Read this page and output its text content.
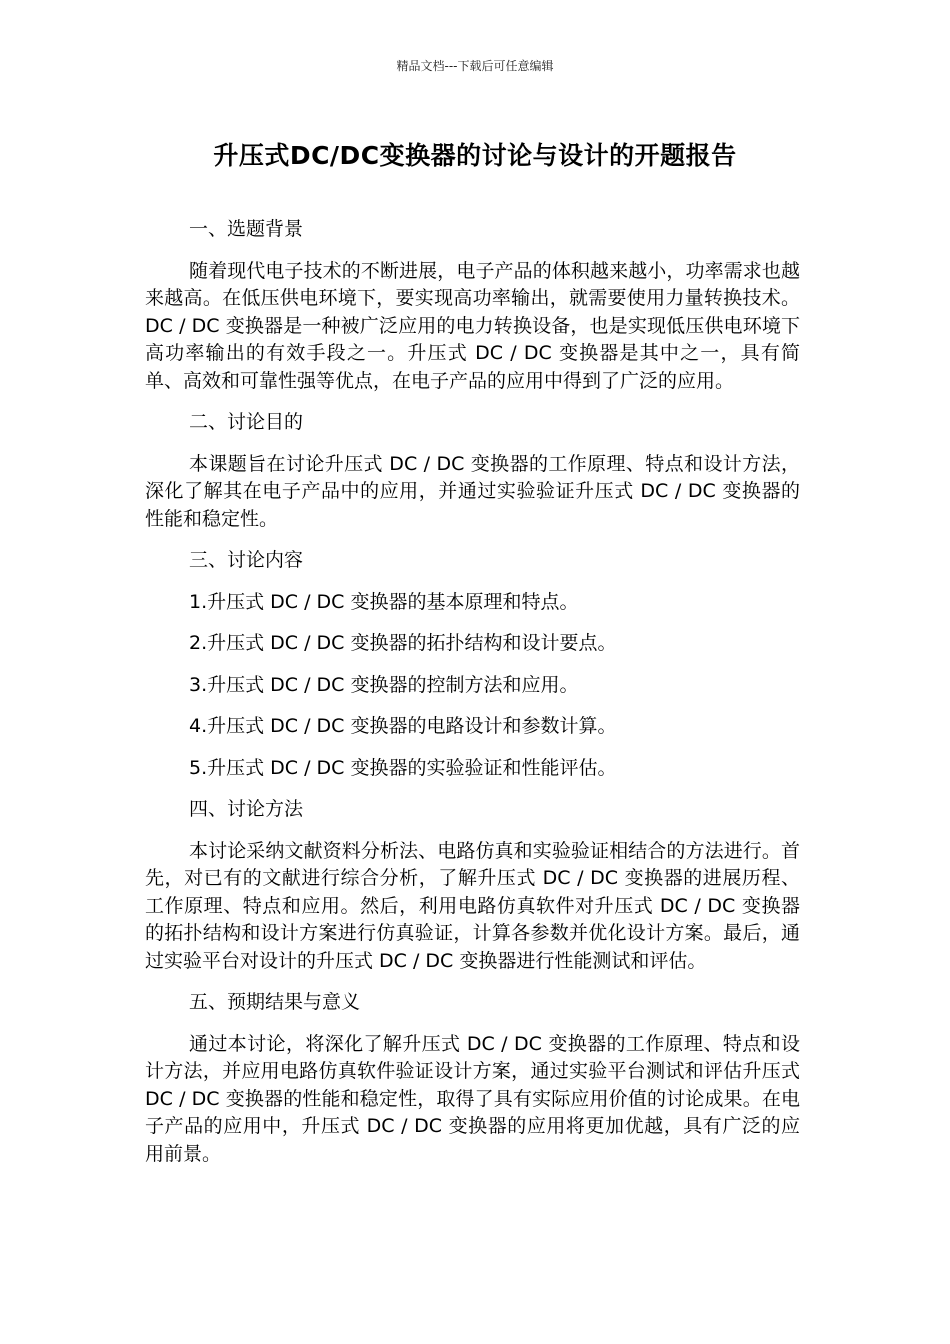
精品文档---下载后可任意编辑
升压式DC/DC变换器的讨论与设计的开题报告

一、选题背景

随着现代电子技术的不断进展，电子产品的体积越来越小，功率需求也越来越高。在低压供电环境下，要实现高功率输出，就需要使用力量转换技术。DC / DC 变换器是一种被广泛应用的电力转换设备，也是实现低压供电环境下高功率输出的有效手段之一。升压式 DC / DC 变换器是其中之一，具有简单、高效和可靠性强等优点，在电子产品的应用中得到了广泛的应用。

二、讨论目的

本课题旨在讨论升压式 DC / DC 变换器的工作原理、特点和设计方法，深化了解其在电子产品中的应用，并通过实验验证升压式 DC / DC 变换器的性能和稳定性。

三、讨论内容

1.升压式 DC / DC 变换器的基本原理和特点。

2.升压式 DC / DC 变换器的拓扑结构和设计要点。

3.升压式 DC / DC 变换器的控制方法和应用。

4.升压式 DC / DC 变换器的电路设计和参数计算。

5.升压式 DC / DC 变换器的实验验证和性能评估。

四、讨论方法

本讨论采纳文献资料分析法、电路仿真和实验验证相结合的方法进行。首先，对已有的文献进行综合分析，了解升压式 DC / DC 变换器的进展历程、工作原理、特点和应用。然后，利用电路仿真软件对升压式 DC / DC 变换器的拓扑结构和设计方案进行仿真验证，计算各参数并优化设计方案。最后，通过实验平台对设计的升压式 DC / DC 变换器进行性能测试和评估。

五、预期结果与意义

通过本讨论，将深化了解升压式 DC / DC 变换器的工作原理、特点和设计方法，并应用电路仿真软件验证设计方案，通过实验平台测试和评估升压式 DC / DC 变换器的性能和稳定性，取得了具有实际应用价值的讨论成果。在电子产品的应用中，升压式 DC / DC 变换器的应用将更加优越，具有广泛的应用前景。
